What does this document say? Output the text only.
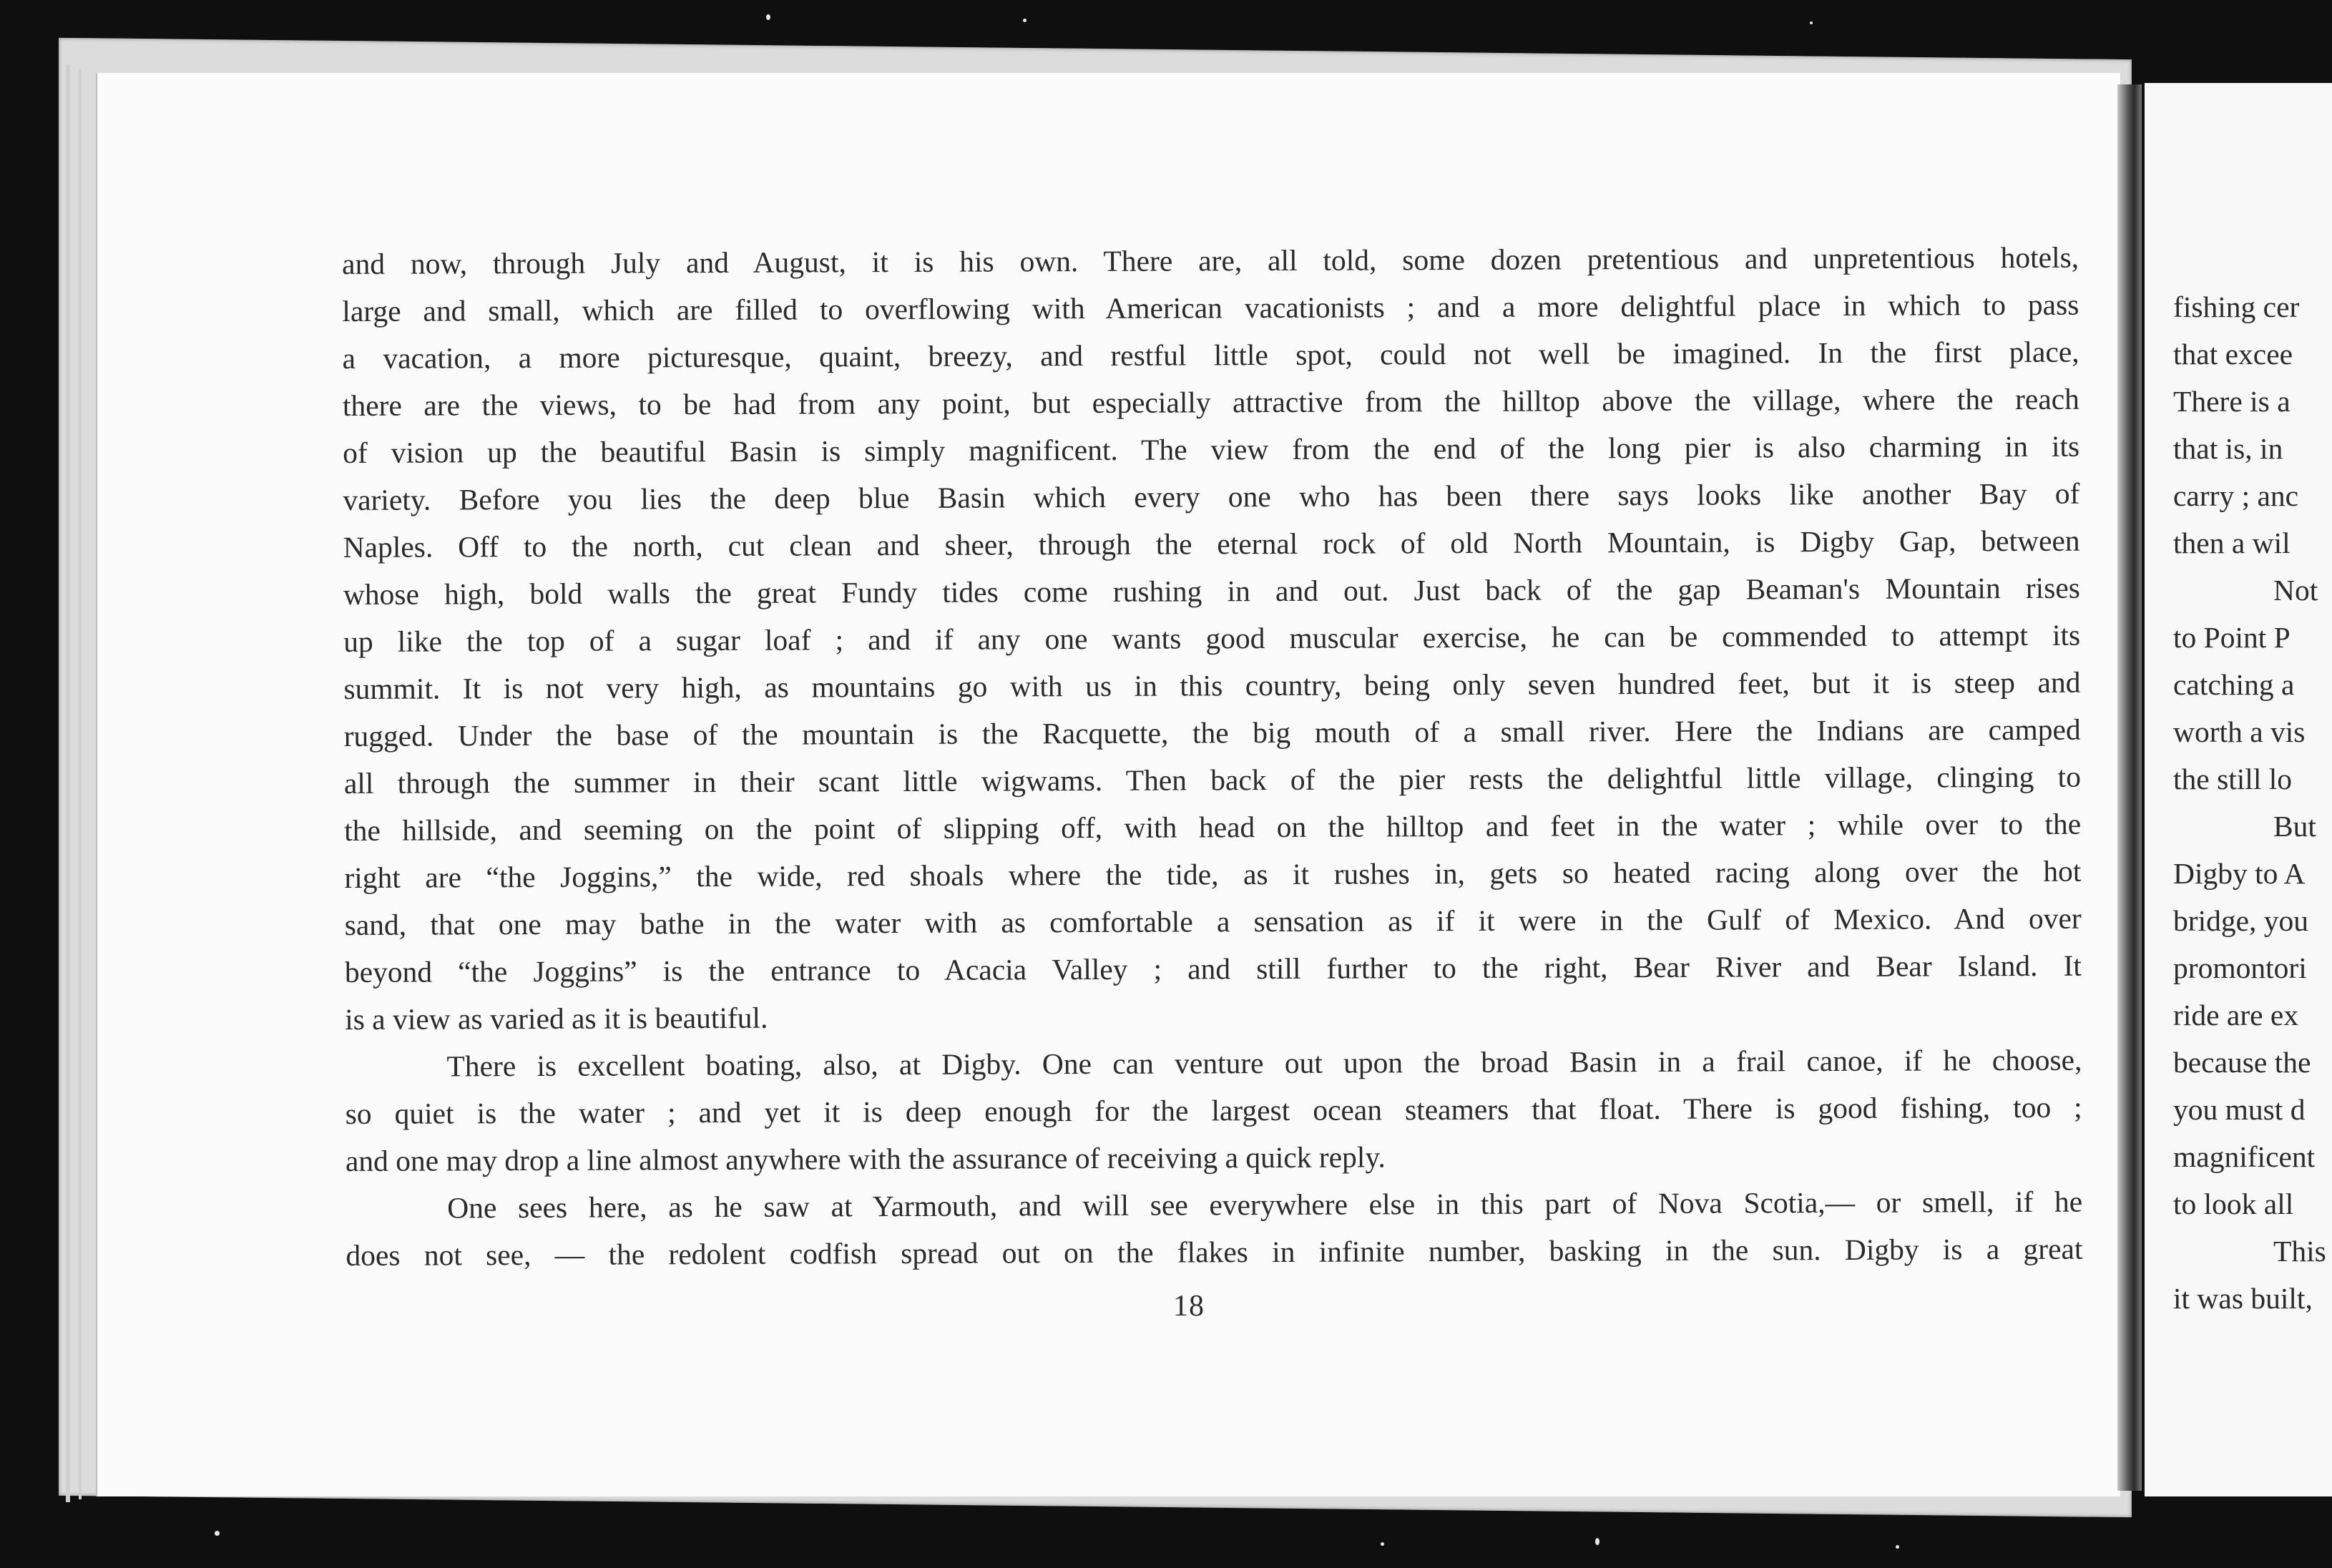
and now, through July and August, it is his own. There are, all told, some dozen pretentious and unpretentious hotels,
large and small, which are filled to overflowing with American vacationists ; and a more delightful place in which to pass
a vacation, a more picturesque, quaint, breezy, and restful little spot, could not well be imagined. In the first place,
there are the views, to be had from any point, but especially attractive from the hilltop above the village, where the reach
of vision up the beautiful Basin is simply magnificent. The view from the end of the long pier is also charming in its
variety. Before you lies the deep blue Basin which every one who has been there says looks like another Bay of
Naples. Off to the north, cut clean and sheer, through the eternal rock of old North Mountain, is Digby Gap, between
whose high, bold walls the great Fundy tides come rushing in and out. Just back of the gap Beaman's Mountain rises
up like the top of a sugar loaf ; and if any one wants good muscular exercise, he can be commended to attempt its
summit. It is not very high, as mountains go with us in this country, being only seven hundred feet, but it is steep and
rugged. Under the base of the mountain is the Racquette, the big mouth of a small river. Here the Indians are camped
all through the summer in their scant little wigwams. Then back of the pier rests the delightful little village, clinging to
the hillside, and seeming on the point of slipping off, with head on the hilltop and feet in the water ; while over to the
right are “the Joggins,” the wide, red shoals where the tide, as it rushes in, gets so heated racing along over the hot
sand, that one may bathe in the water with as comfortable a sensation as if it were in the Gulf of Mexico. And over
beyond “the Joggins” is the entrance to Acacia Valley ; and still further to the right, Bear River and Bear Island. It
is a view as varied as it is beautiful.
There is excellent boating, also, at Digby. One can venture out upon the broad Basin in a frail canoe, if he choose,
so quiet is the water ; and yet it is deep enough for the largest ocean steamers that float. There is good fishing, too ;
and one may drop a line almost anywhere with the assurance of receiving a quick reply.
One sees here, as he saw at Yarmouth, and will see everywhere else in this part of Nova Scotia,— or smell, if he
does not see, — the redolent codfish spread out on the flakes in infinite number, basking in the sun. Digby is a great
18
fishing cer
that excee
There is a
that is, in
carry ; anc
then a wil
Not
to Point P
catching a
worth a vis
the still lo
But
Digby to A
bridge, you
promontori
ride are ex
because the
you must d
magnificent
to look all
This
it was built,
